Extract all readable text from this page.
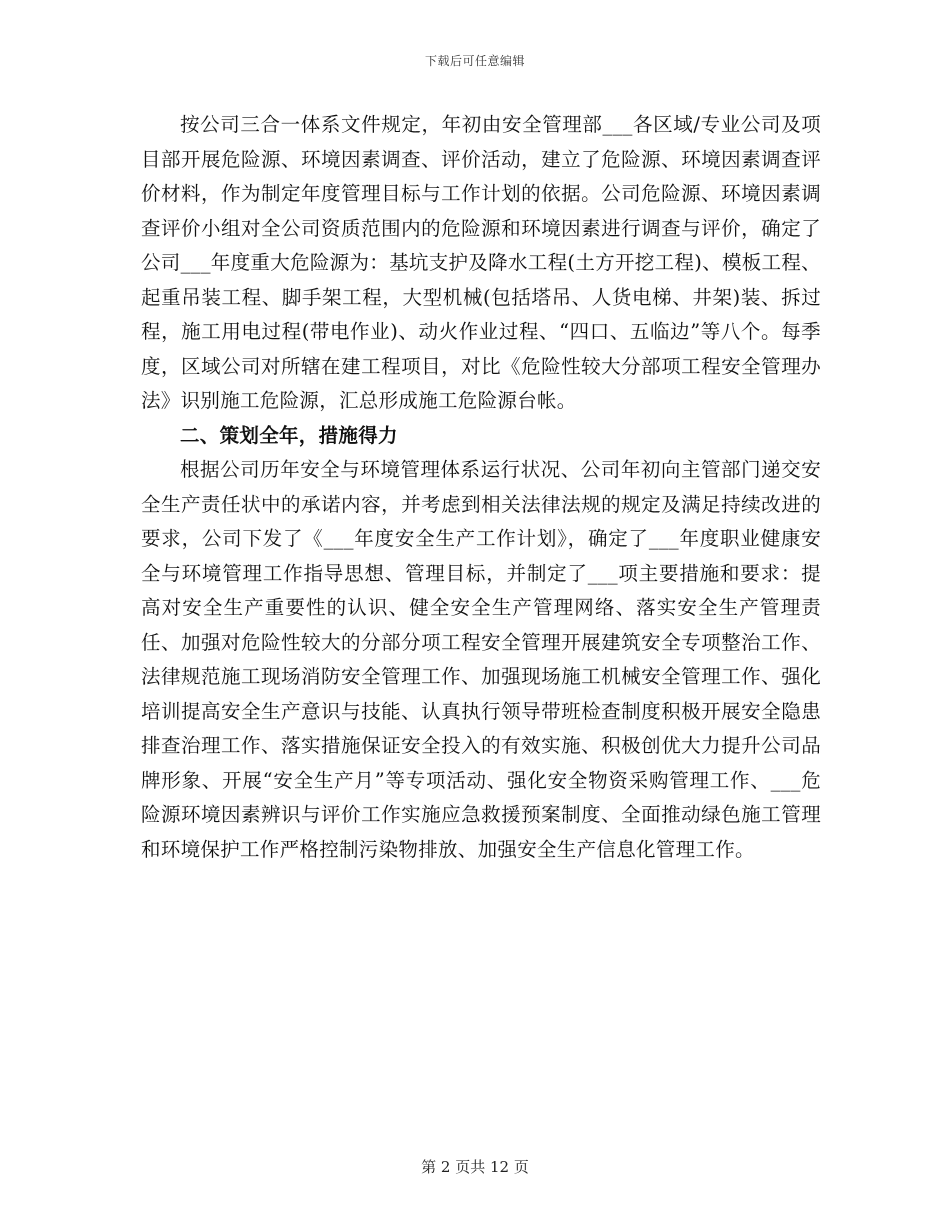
下载后可任意编辑

按公司三合一体系文件规定，年初由安全管理部___各区域/专业公司及项目部开展危险源、环境因素调查、评价活动，建立了危险源、环境因素调查评价材料，作为制定年度管理目标与工作计划的依据。公司危险源、环境因素调查评价小组对全公司资质范围内的危险源和环境因素进行调查与评价，确定了公司___年度重大危险源为：基坑支护及降水工程(土方开挖工程)、模板工程、起重吊装工程、脚手架工程，大型机械(包括塔吊、人货电梯、井架)装、拆过程，施工用电过程(带电作业)、动火作业过程、“四口、五临边”等八个。每季度，区域公司对所辖在建工程项目，对比《危险性较大分部项工程安全管理办法》识别施工危险源，汇总形成施工危险源台帐。

二、策划全年，措施得力

根据公司历年安全与环境管理体系运行状况、公司年初向主管部门递交安全生产责任状中的承诺内容，并考虑到相关法律法规的规定及满足持续改进的要求，公司下发了《___年度安全生产工作计划》，确定了___年度职业健康安全与环境管理工作指导思想、管理目标，并制定了___项主要措施和要求：提高对安全生产重要性的认识、健全安全生产管理网络、落实安全生产管理责任、加强对危险性较大的分部分项工程安全管理开展建筑安全专项整治工作、法律规范施工现场消防安全管理工作、加强现场施工机械安全管理工作、强化培训提高安全生产意识与技能、认真执行领导带班检查制度积极开展安全隐患排查治理工作、落实措施保证安全投入的有效实施、积极创优大力提升公司品牌形象、开展“安全生产月”等专项活动、强化安全物资采购管理工作、___危险源环境因素辨识与评价工作实施应急救援预案制度、全面推动绿色施工管理和环境保护工作严格控制污染物排放、加强安全生产信息化管理工作。

第 2 页共 12 页
